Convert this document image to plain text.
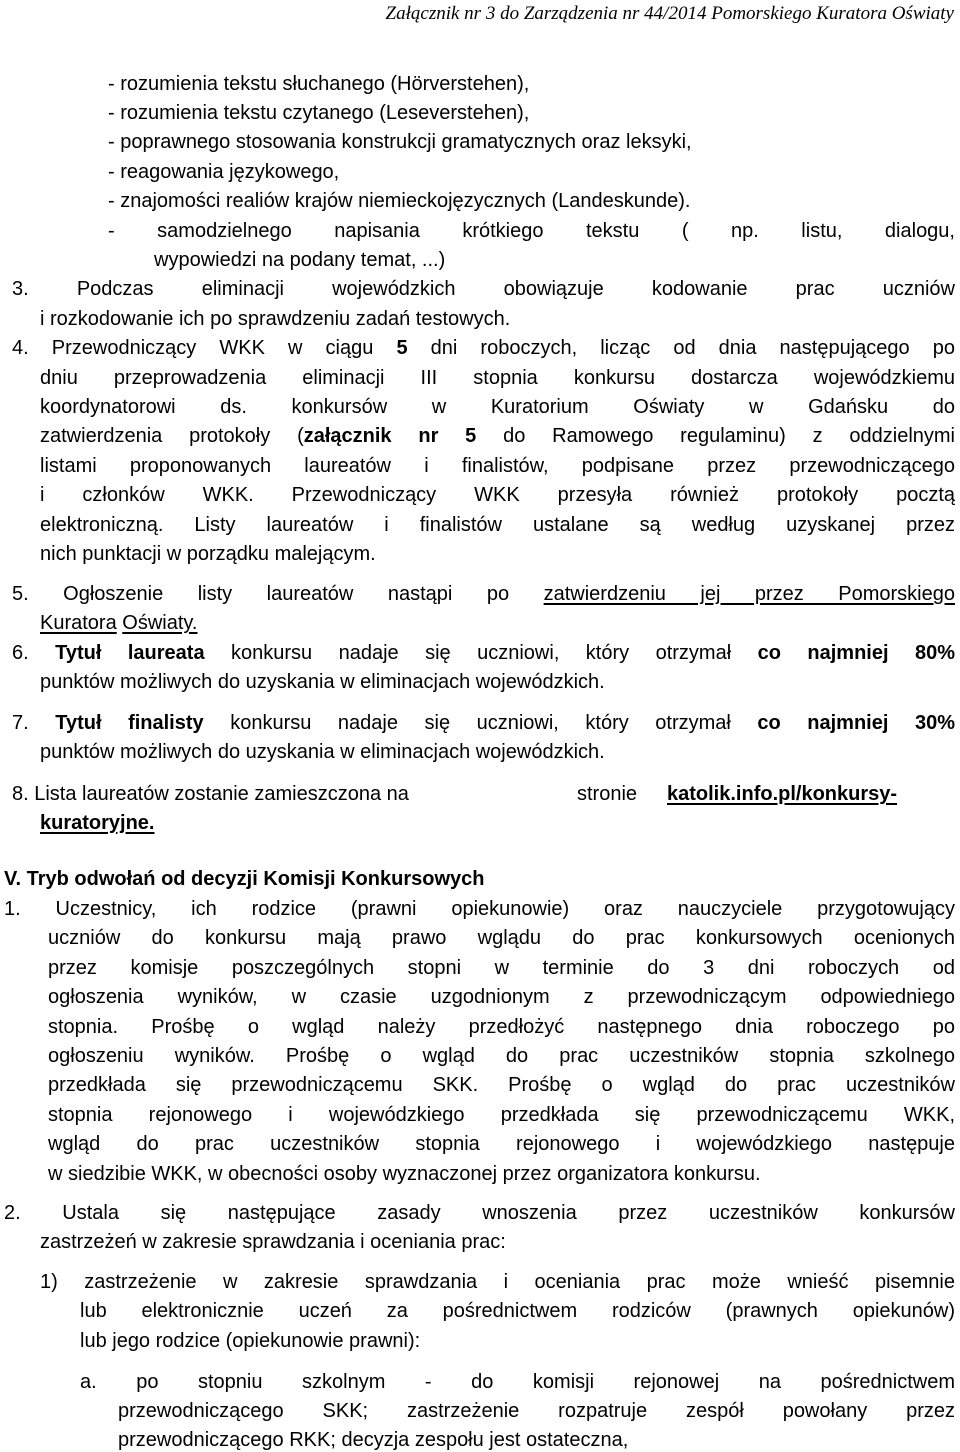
Załącznik nr 3 do Zarządzenia nr 44/2014 Pomorskiego Kuratora Oświaty
- rozumienia tekstu słuchanego (Hörverstehen),
- rozumienia tekstu czytanego (Leseverstehen),
- poprawnego stosowania konstrukcji gramatycznych oraz leksyki,
- reagowania językowego,
- znajomości realiów krajów niemieckojęzycznych (Landeskunde).
- samodzielnego napisania krótkiego tekstu ( np. listu, dialogu,
wypowiedzi na podany temat, ...)
3. Podczas eliminacji wojewódzkich obowiązuje kodowanie prac uczniów
i rozkodowanie ich po sprawdzeniu zadań testowych.
4. Przewodniczący WKK w ciągu 5 dni roboczych, licząc od dnia następującego po
dniu przeprowadzenia eliminacji III stopnia konkursu dostarcza wojewódzkiemu
koordynatorowi ds. konkursów w Kuratorium Oświaty w Gdańsku do
zatwierdzenia protokoły (załącznik nr 5 do Ramowego regulaminu) z oddzielnymi
listami proponowanych laureatów i finalistów, podpisane przez przewodniczącego
i członków WKK. Przewodniczący WKK przesyła również protokoły pocztą
elektroniczną. Listy laureatów i finalistów ustalane są według uzyskanej przez
nich punktacji w porządku malejącym.
5. Ogłoszenie listy laureatów nastąpi po zatwierdzeniu jej przez Pomorskiego
Kuratora Oświaty.
6. Tytuł laureata konkursu nadaje się uczniowi, który otrzymał co najmniej 80%
punktów możliwych do uzyskania w eliminacjach wojewódzkich.
7. Tytuł finalisty konkursu nadaje się uczniowi, który otrzymał co najmniej 30%
punktów możliwych do uzyskania w eliminacjach wojewódzkich.
8. Lista laureatów zostanie zamieszczona na	stronie katolik.info.pl/konkursy-
kuratoryjne.
V. Tryb odwołań od decyzji Komisji Konkursowych
1. Uczestnicy, ich rodzice (prawni opiekunowie) oraz nauczyciele przygotowujący
uczniów do konkursu mają prawo wglądu do prac konkursowych ocenionych
przez komisje poszczególnych stopni w terminie do 3 dni roboczych od
ogłoszenia wyników, w czasie uzgodnionym z przewodniczącym odpowiedniego
stopnia. Prośbę o wgląd należy przedłożyć następnego dnia roboczego po
ogłoszeniu wyników. Prośbę o wgląd do prac uczestników stopnia szkolnego
przedkłada się przewodniczącemu SKK. Prośbę o wgląd do prac uczestników
stopnia rejonowego i wojewódzkiego przedkłada się przewodniczącemu WKK,
wgląd do prac uczestników stopnia rejonowego i wojewódzkiego następuje
w siedzibie WKK, w obecności osoby wyznaczonej przez organizatora konkursu.
2. Ustala się następujące zasady wnoszenia przez uczestników konkursów
zastrzeżeń w zakresie sprawdzania i oceniania prac:
1) zastrzeżenie w zakresie sprawdzania i oceniania prac może wnieść pisemnie
lub elektronicznie uczeń za pośrednictwem rodziców (prawnych opiekunów)
lub jego rodzice (opiekunowie prawni):
a. po stopniu szkolnym - do komisji rejonowej na pośrednictwem
przewodniczącego SKK; zastrzeżenie rozpatruje zespół powołany przez
przewodniczącego RKK; decyzja zespołu jest ostateczna,
